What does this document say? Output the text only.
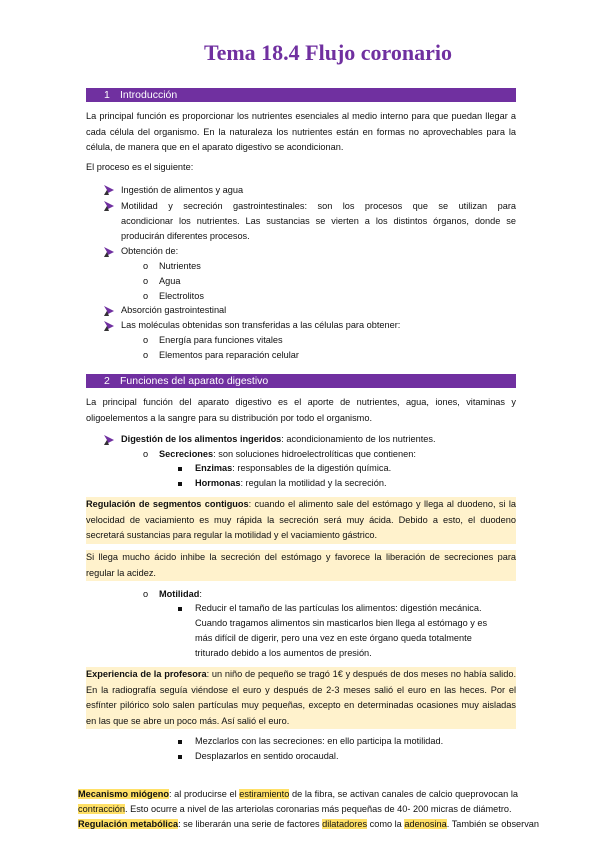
Tema 18.4 Flujo coronario
1 Introducción

La principal función es proporcionar los nutrientes esenciales al medio interno para que puedan llegar a cada célula del organismo. En la naturaleza los nutrientes están en formas no aprovechables para la célula, de manera que en el aparato digestivo se acondicionan.

El proceso es el siguiente:

Ingestión de alimentos y agua
Motilidad y secreción gastrointestinales: son los procesos que se utilizan para
acondicionar los nutrientes. Las sustancias se vierten a los distintos órganos, donde se
producirán diferentes procesos.
Obtención de:
o Nutrientes
o Agua
o Electrolitos
Absorción gastrointestinal
Las moléculas obtenidas son transferidas a las células para obtener:
o Energía para funciones vitales
o Elementos para reparación celular
2 Funciones del aparato digestivo

La principal función del aparato digestivo es el aporte de nutrientes, agua, iones, vitaminas y oligoelementos a la sangre para su distribución por todo el organismo.

Digestión de los alimentos ingeridos: acondicionamiento de los nutrientes.
o Secreciones: son soluciones hidroelectrolíticas que contienen:
Enzimas: responsables de la digestión química.
Hormonas: regulan la motilidad y la secreción.

Regulación de segmentos contiguos: cuando el alimento sale del estómago y llega al duodeno, si la velocidad de vaciamiento es muy rápida la secreción será muy ácida. Debido a esto, el duodeno secretará sustancias para regular la motilidad y el vaciamiento gástrico.

Si llega mucho ácido inhibe la secreción del estómago y favorece la liberación de secreciones para regular la acidez.

o Motilidad:
Reducir el tamaño de las partículas los alimentos: digestión mecánica.
Cuando tragamos alimentos sin masticarlos bien llega al estómago y es
más difícil de digerir, pero una vez en este órgano queda totalmente
triturado debido a los aumentos de presión.

Experiencia de la profesora: un niño de pequeño se tragó 1€ y después de dos meses no había salido. En la radiografía seguía viéndose el euro y después de 2-3 meses salió el euro en las heces. Por el esfínter pilórico solo salen partículas muy pequeñas, excepto en determinadas ocasiones muy aisladas en las que se abre un poco más. Así salió el euro.

Mezclarlos con las secreciones: en ello participa la motilidad.
Desplazarlos en sentido orocaudal.

Mecanismo miógeno: al producirse el estiramiento de la fibra, se activan canales de calcio queprovocan la contracción. Esto ocurre a nivel de las arteriolas coronarias más pequeñas de 40- 200 micras de diámetro.

Regulación metabólica: se liberarán una serie de factores dilatadores como la adenosina. También se observan
